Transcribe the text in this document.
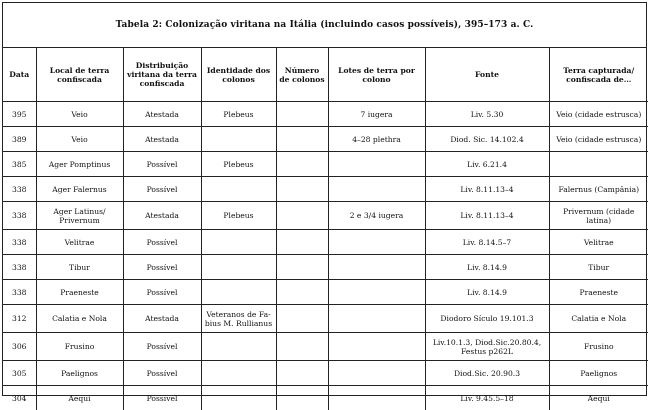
Tabela 2: Colonização viritana na Itália (incluindo casos possíveis), 395–173 a. C.
Data	Local de terra confiscada	Distribuição viritana da terra confiscada	Identidade dos colonos	Número de colonos	Lotes de terra por colono	Fonte	Terra capturada/ confiscada de…
395	Veio	Atestada	Plebeus		7 iugera	Liv. 5.30	Veio (cidade estrusca)
389	Veio	Atestada			4–28 plethra	Diod. Sic. 14.102.4	Veio (cidade estrusca)
385	Ager Pomptinus	Possível	Plebeus			Liv. 6.21.4	
338	Ager Falernus	Possível				Liv. 8.11.13–4	Falernus (Campânia)
338	Ager Latinus/ Privernum	Atestada	Plebeus		2 e 3/4 iugera	Liv. 8.11.13–4	Privernum (cidade latina)
338	Velitrae	Possível				Liv. 8.14.5–7	Velitrae
338	Tibur	Possível				Liv. 8.14.9	Tibur
338	Praeneste	Possível				Liv. 8.14.9	Praeneste
312	Calatia e Nola	Atestada	Veteranos de Fa- bius M. Rullianus			Diodoro Sículo 19.101.3	Calatia e Nola
306	Frusino	Possível				Liv.10.1.3, Diod.Sic.20.80.4, Festus p262L	Frusino
305	Paelignos	Possível				Diod.Sic. 20.90.3	Paelignos
304	Aequi	Possível				Liv. 9.45.5–18	Aequi
